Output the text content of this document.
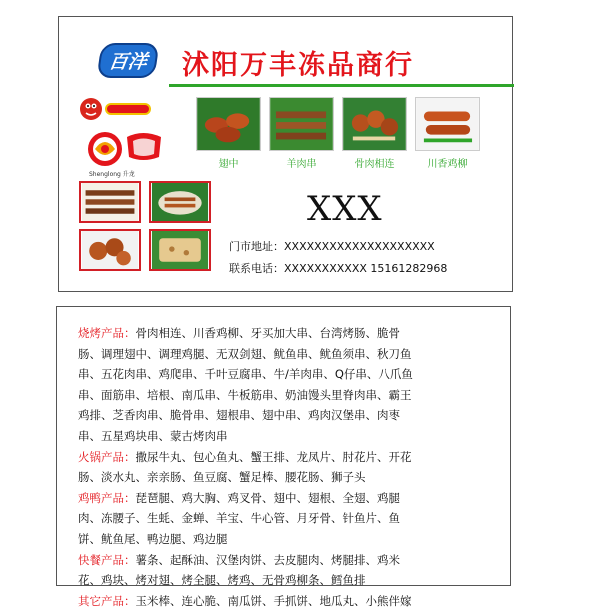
百洋	沭阳万丰冻品商行
Shenglong 升龙
翅中	羊肉串	骨肉相连	川香鸡柳
XXX
门市地址：XXXXXXXXXXXXXXXXXXXX
联系电话：XXXXXXXXXXX 15161282968
烧烤产品：骨肉相连、川香鸡柳、牙买加大串、台湾烤肠、脆骨
肠、调理翅中、调理鸡腿、无双剑翅、鱿鱼串、鱿鱼须串、秋刀鱼
串、五花肉串、鸡爬串、千叶豆腐串、牛/羊肉串、Q仔串、八爪鱼
串、面筋串、培根、南瓜串、牛板筋串、奶油馒头里脊肉串、霸王
鸡排、芝香肉串、脆骨串、翅根串、翅中串、鸡肉汉堡串、肉枣
串、五星鸡块串、蒙古烤肉串
火锅产品：撒尿牛丸、包心鱼丸、蟹王排、龙凤片、肘花片、开花
肠、淡水丸、亲亲肠、鱼豆腐、蟹足棒、腰花肠、狮子头
鸡鸭产品：琵琶腿、鸡大胸、鸡叉骨、翅中、翅根、全翅、鸡腿
肉、冻腰子、生蚝、金蝉、羊宝、牛心管、月牙骨、针鱼片、鱼
饼、鱿鱼尾、鸭边腿、鸡边腿
快餐产品：薯条、起酥油、汉堡肉饼、去皮腿肉、烤腿排、鸡米
花、鸡块、烤对翅、烤全腿、烤鸡、无骨鸡柳条、鳕鱼排
其它产品：玉米棒、连心脆、南瓜饼、手抓饼、地瓜丸、小熊伴嫁
